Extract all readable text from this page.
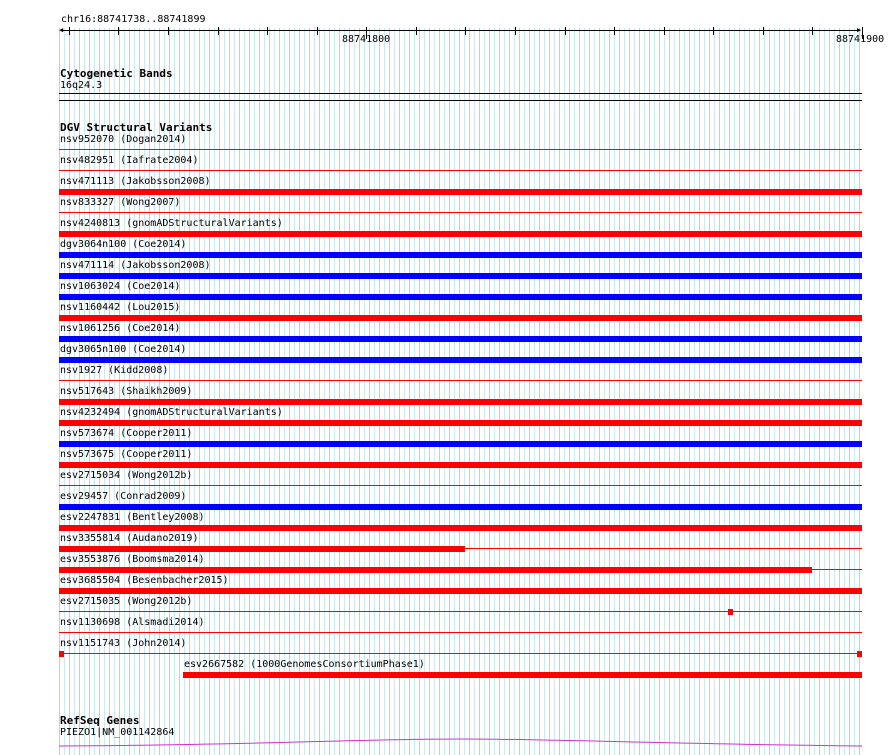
chr16:88741738..88741899
◀	▶
88741800	88741900
Cytogenetic Bands
16q24.3
DGV Structural Variants
nsv952070 (Dogan2014)
nsv482951 (Iafrate2004)
nsv471113 (Jakobsson2008)
nsv833327 (Wong2007)
nsv4240813 (gnomADStructuralVariants)
dgv3064n100 (Coe2014)
nsv471114 (Jakobsson2008)
nsv1063024 (Coe2014)
nsv1160442 (Lou2015)
nsv1061256 (Coe2014)
dgv3065n100 (Coe2014)
nsv1927 (Kidd2008)
nsv517643 (Shaikh2009)
nsv4232494 (gnomADStructuralVariants)
nsv573674 (Cooper2011)
nsv573675 (Cooper2011)
esv2715034 (Wong2012b)
esv29457 (Conrad2009)
esv2247831 (Bentley2008)
nsv3355814 (Audano2019)
esv3553876 (Boomsma2014)
esv3685504 (Besenbacher2015)
esv2715035 (Wong2012b)
nsv1130698 (Alsmadi2014)
nsv1151743 (John2014)
esv2667582 (1000GenomesConsortiumPhase1)
RefSeq Genes
PIEZO1|NM_001142864
